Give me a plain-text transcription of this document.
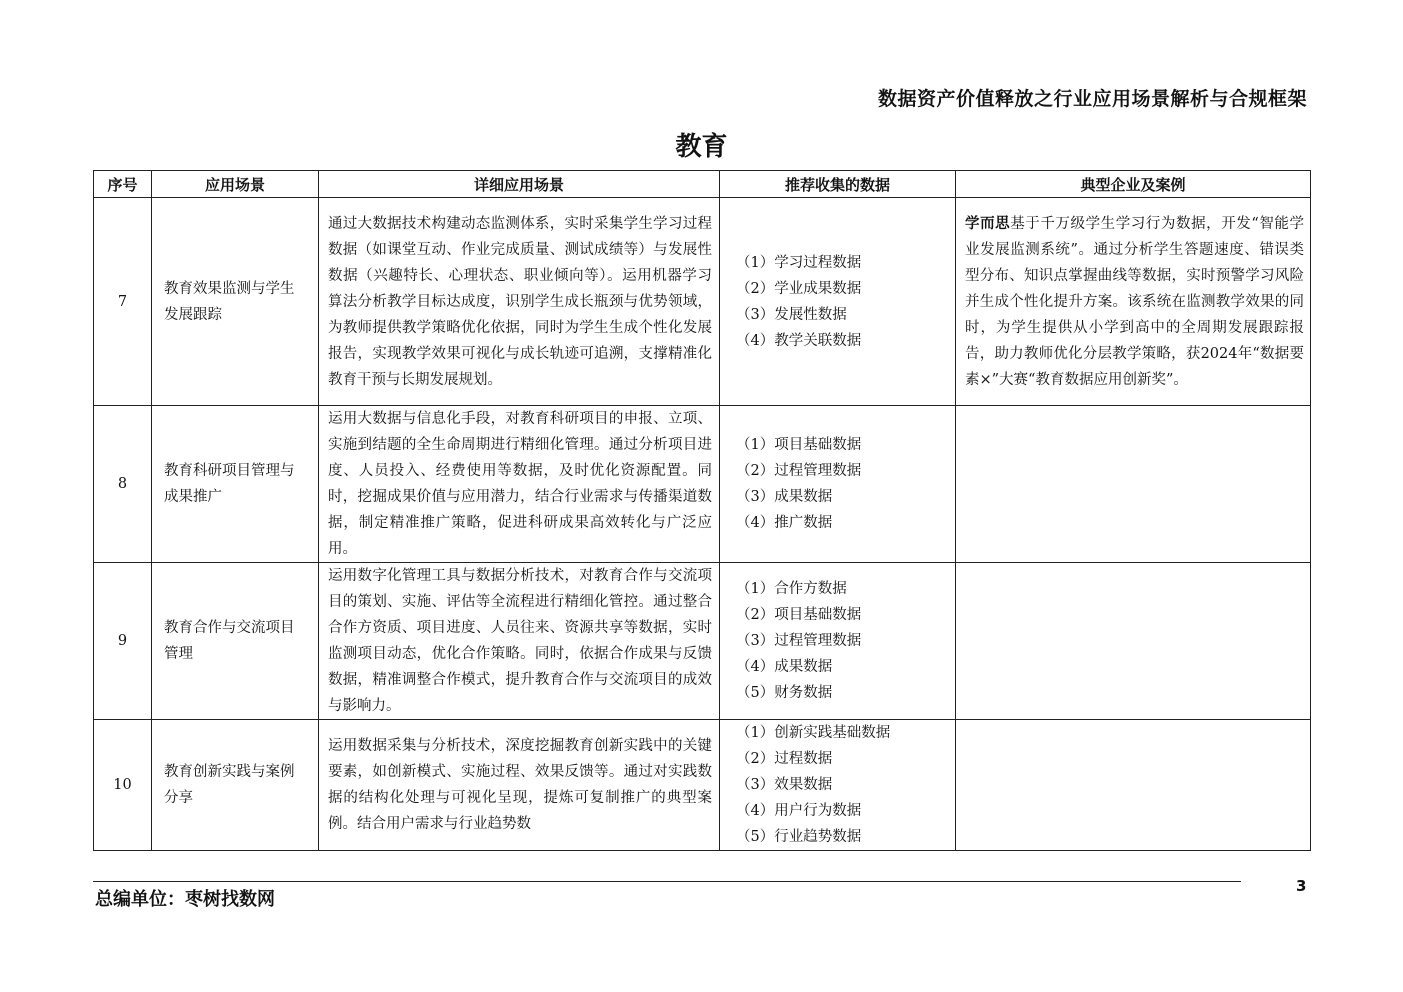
数据资产价值释放之行业应用场景解析与合规框架
教育
序号	应用场景	详细应用场景	推荐收集的数据	典型企业及案例
7	教育效果监测与学生发展跟踪	通过大数据技术构建动态监测体系，实时采集学生学习过程数据（如课堂互动、作业完成质量、测试成绩等）与发展性数据（兴趣特长、心理状态、职业倾向等）。运用机器学习算法分析教学目标达成度，识别学生成长瓶颈与优势领域，为教师提供教学策略优化依据，同时为学生生成个性化发展报告，实现教学效果可视化与成长轨迹可追溯，支撑精准化教育干预与长期发展规划。	（1）学习过程数据
（2）学业成果数据
（3）发展性数据
（4）教学关联数据	学而思基于千万级学生学习行为数据，开发“智能学业发展监测系统”。通过分析学生答题速度、错误类型分布、知识点掌握曲线等数据，实时预警学习风险并生成个性化提升方案。该系统在监测教学效果的同时，为学生提供从小学到高中的全周期发展跟踪报告，助力教师优化分层教学策略，获2024年“数据要素×”大赛“教育数据应用创新奖”。
8	教育科研项目管理与成果推广	运用大数据与信息化手段，对教育科研项目的申报、立项、实施到结题的全生命周期进行精细化管理。通过分析项目进度、人员投入、经费使用等数据，及时优化资源配置。同时，挖掘成果价值与应用潜力，结合行业需求与传播渠道数据，制定精准推广策略，促进科研成果高效转化与广泛应用。	（1）项目基础数据
（2）过程管理数据
（3）成果数据
（4）推广数据	

9	教育合作与交流项目管理	运用数字化管理工具与数据分析技术，对教育合作与交流项目的策划、实施、评估等全流程进行精细化管控。通过整合合作方资质、项目进度、人员往来、资源共享等数据，实时监测项目动态，优化合作策略。同时，依据合作成果与反馈数据，精准调整合作模式，提升教育合作与交流项目的成效与影响力。	（1）合作方数据
（2）项目基础数据
（3）过程管理数据
（4）成果数据
（5）财务数据	

10	教育创新实践与案例分享	运用数据采集与分析技术，深度挖掘教育创新实践中的关键要素，如创新模式、实施过程、效果反馈等。通过对实践数据的结构化处理与可视化呈现，提炼可复制推广的典型案例。结合用户需求与行业趋势数	（1）创新实践基础数据
（2）过程数据
（3）效果数据
（4）用户行为数据
（5）行业趋势数据	

总编单位：枣树找数网
3
